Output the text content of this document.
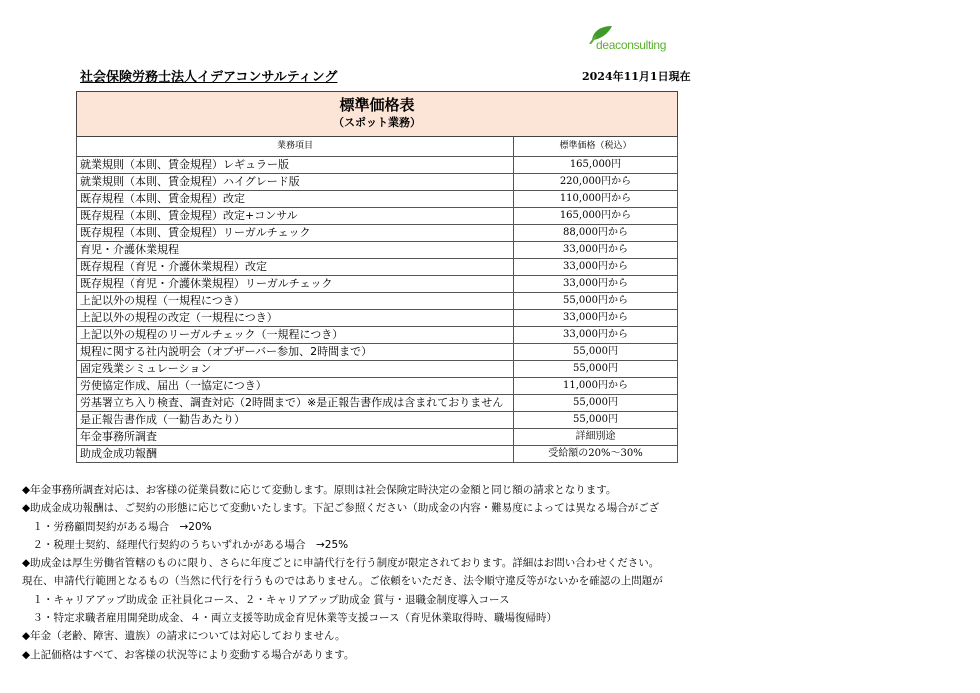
deaconsulting
社会保険労務士法人イデアコンサルティング	2024年11月1日現在
標準価格表
（スポット業務）	

業務項目	標準価格（税込）
就業規則（本則、賃金規程）レギュラー版	165,000円
就業規則（本則、賃金規程）ハイグレード版	220,000円から
既存規程（本則、賃金規程）改定	110,000円から
既存規程（本則、賃金規程）改定+コンサル	165,000円から
既存規程（本則、賃金規程）リーガルチェック	88,000円から
育児・介護休業規程	33,000円から
既存規程（育児・介護休業規程）改定	33,000円から
既存規程（育児・介護休業規程）リーガルチェック	33,000円から
上記以外の規程（一規程につき）	55,000円から
上記以外の規程の改定（一規程につき）	33,000円から
上記以外の規程のリーガルチェック（一規程につき）	33,000円から
規程に関する社内説明会（オブザーバー参加、2時間まで）	55,000円
固定残業シミュレーション	55,000円
労使協定作成、届出（一協定につき）	11,000円から
労基署立ち入り検査、調査対応（2時間まで）※是正報告書作成は含まれておりません	55,000円
是正報告書作成（一勧告あたり）	55,000円
年金事務所調査	詳細別途
助成金成功報酬	受給額の20%～30%
◆年金事務所調査対応は、お客様の従業員数に応じて変動します。原則は社会保険定時決定の金額と同じ額の請求となります。
◆助成金成功報酬は、ご契約の形態に応じて変動いたします。下記ご参照ください（助成金の内容・難易度によっては異なる場合がござ
　１・労務顧問契約がある場合　→20%
　２・税理士契約、経理代行契約のうちいずれかがある場合　→25%
◆助成金は厚生労働省管轄のものに限り、さらに年度ごとに申請代行を行う制度が限定されております。詳細はお問い合わせください。
現在、申請代行範囲となるもの（当然に代行を行うものではありません。ご依頼をいただき、法令順守違反等がないかを確認の上問題が
　１・キャリアアップ助成金 正社員化コース、２・キャリアアップ助成金 賞与・退職金制度導入コース
　３・特定求職者雇用開発助成金、４・両立支援等助成金育児休業等支援コース（育児休業取得時、職場復帰時）
◆年金（老齢、障害、遺族）の請求については対応しておりません。
◆上記価格はすべて、お客様の状況等により変動する場合があります。
